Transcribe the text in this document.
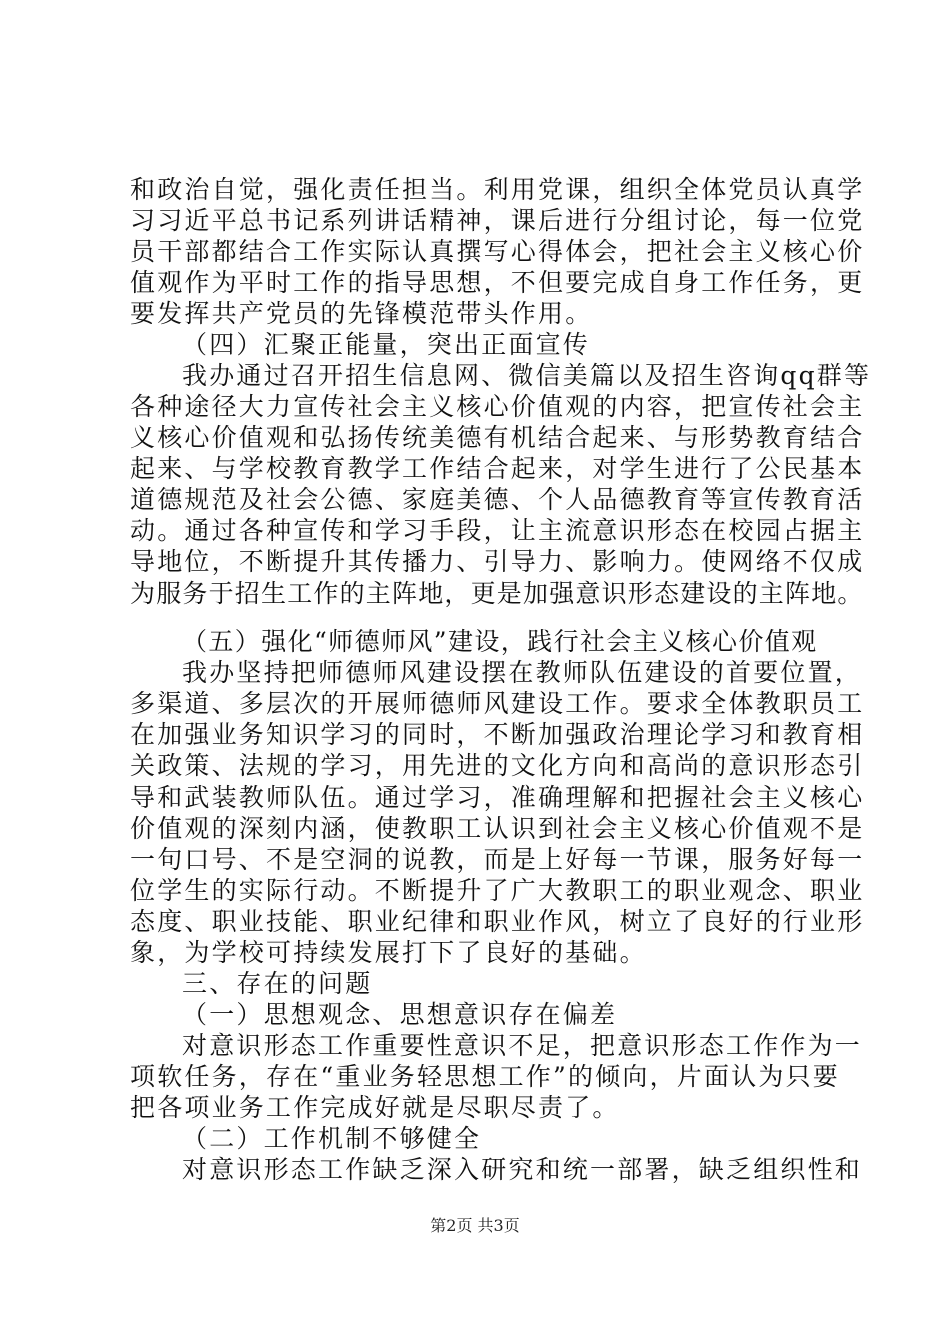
和政治自觉，强化责任担当。利用党课，组织全体党员认真学
习习近平总书记系列讲话精神，课后进行分组讨论，每一位党
员干部都结合工作实际认真撰写心得体会，把社会主义核心价
值观作为平时工作的指导思想，不但要完成自身工作任务，更
要发挥共产党员的先锋模范带头作用。
（四）汇聚正能量，突出正面宣传
我办通过召开招生信息网、微信美篇以及招生咨询qq群等
各种途径大力宣传社会主义核心价值观的内容，把宣传社会主
义核心价值观和弘扬传统美德有机结合起来、与形势教育结合
起来、与学校教育教学工作结合起来，对学生进行了公民基本
道德规范及社会公德、家庭美德、个人品德教育等宣传教育活
动。通过各种宣传和学习手段，让主流意识形态在校园占据主
导地位，不断提升其传播力、引导力、影响力。使网络不仅成
为服务于招生工作的主阵地，更是加强意识形态建设的主阵地。
（五）强化“师德师风”建设，践行社会主义核心价值观
我办坚持把师德师风建设摆在教师队伍建设的首要位置，
多渠道、多层次的开展师德师风建设工作。要求全体教职员工
在加强业务知识学习的同时，不断加强政治理论学习和教育相
关政策、法规的学习，用先进的文化方向和高尚的意识形态引
导和武装教师队伍。通过学习，准确理解和把握社会主义核心
价值观的深刻内涵，使教职工认识到社会主义核心价值观不是
一句口号、不是空洞的说教，而是上好每一节课，服务好每一
位学生的实际行动。不断提升了广大教职工的职业观念、职业
态度、职业技能、职业纪律和职业作风，树立了良好的行业形
象，为学校可持续发展打下了良好的基础。
三、存在的问题
（一）思想观念、思想意识存在偏差
对意识形态工作重要性意识不足，把意识形态工作作为一
项软任务，存在“重业务轻思想工作”的倾向，片面认为只要
把各项业务工作完成好就是尽职尽责了。
（二）工作机制不够健全
对意识形态工作缺乏深入研究和统一部署，缺乏组织性和
第2页 共3页
